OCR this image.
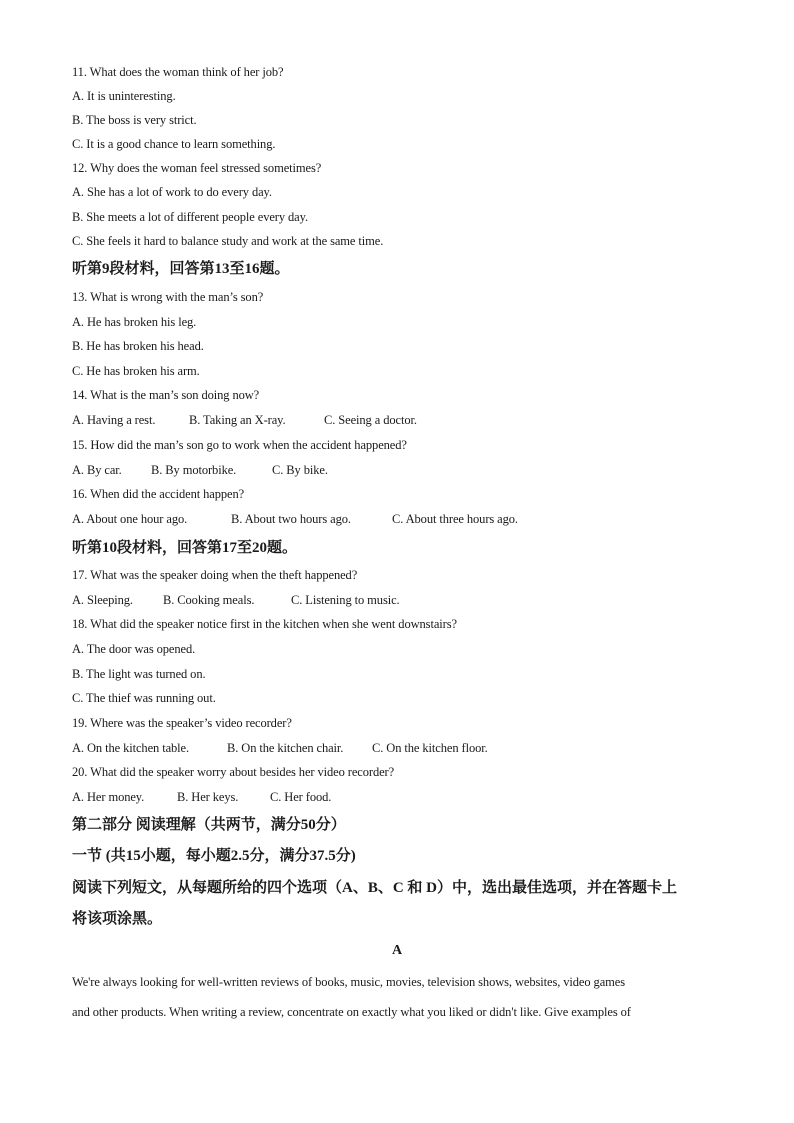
11. What does the woman think of her job?
A. It is uninteresting.
B. The boss is very strict.
C. It is a good chance to learn something.
12. Why does the woman feel stressed sometimes?
A. She has a lot of work to do every day.
B. She meets a lot of different people every day.
C. She feels it hard to balance study and work at the same time.
听第9段材料，回答第13至16题。
13. What is wrong with the man’s son?
A. He has broken his leg.
B. He has broken his head.
C. He has broken his arm.
14. What is the man’s son doing now?
A. Having a rest.	B. Taking an X-ray.	C. Seeing a doctor.
15. How did the man’s son go to work when the accident happened?
A. By car. B. By motorbike.	C. By bike.
16. When did the accident happen?
A. About one hour ago.	B. About two hours ago.	C. About three hours ago.
听第10段材料，回答第17至20题。
17. What was the speaker doing when the theft happened?
A. Sleeping. B. Cooking meals.	C. Listening to music.
18. What did the speaker notice first in the kitchen when she went downstairs?
A. The door was opened.
B. The light was turned on.
C. The thief was running out.
19. Where was the speaker’s video recorder?
A. On the kitchen table.	B. On the kitchen chair. C. On the kitchen floor.
20. What did the speaker worry about besides her video recorder?
A. Her money.	B. Her keys.	C. Her food.
第二部分 阅读理解（共两节，满分50分）
一节 (共15小题，每小题2.5分，满分37.5分)
阅读下列短文，从每题所给的四个选项（A、B、C 和 D）中，选出最佳选项，并在答题卡上
将该项涂黑。
A
We're always looking for well-written reviews of books, music, movies, television shows, websites, video games
and other products. When writing a review, concentrate on exactly what you liked or didn't like. Give examples of
